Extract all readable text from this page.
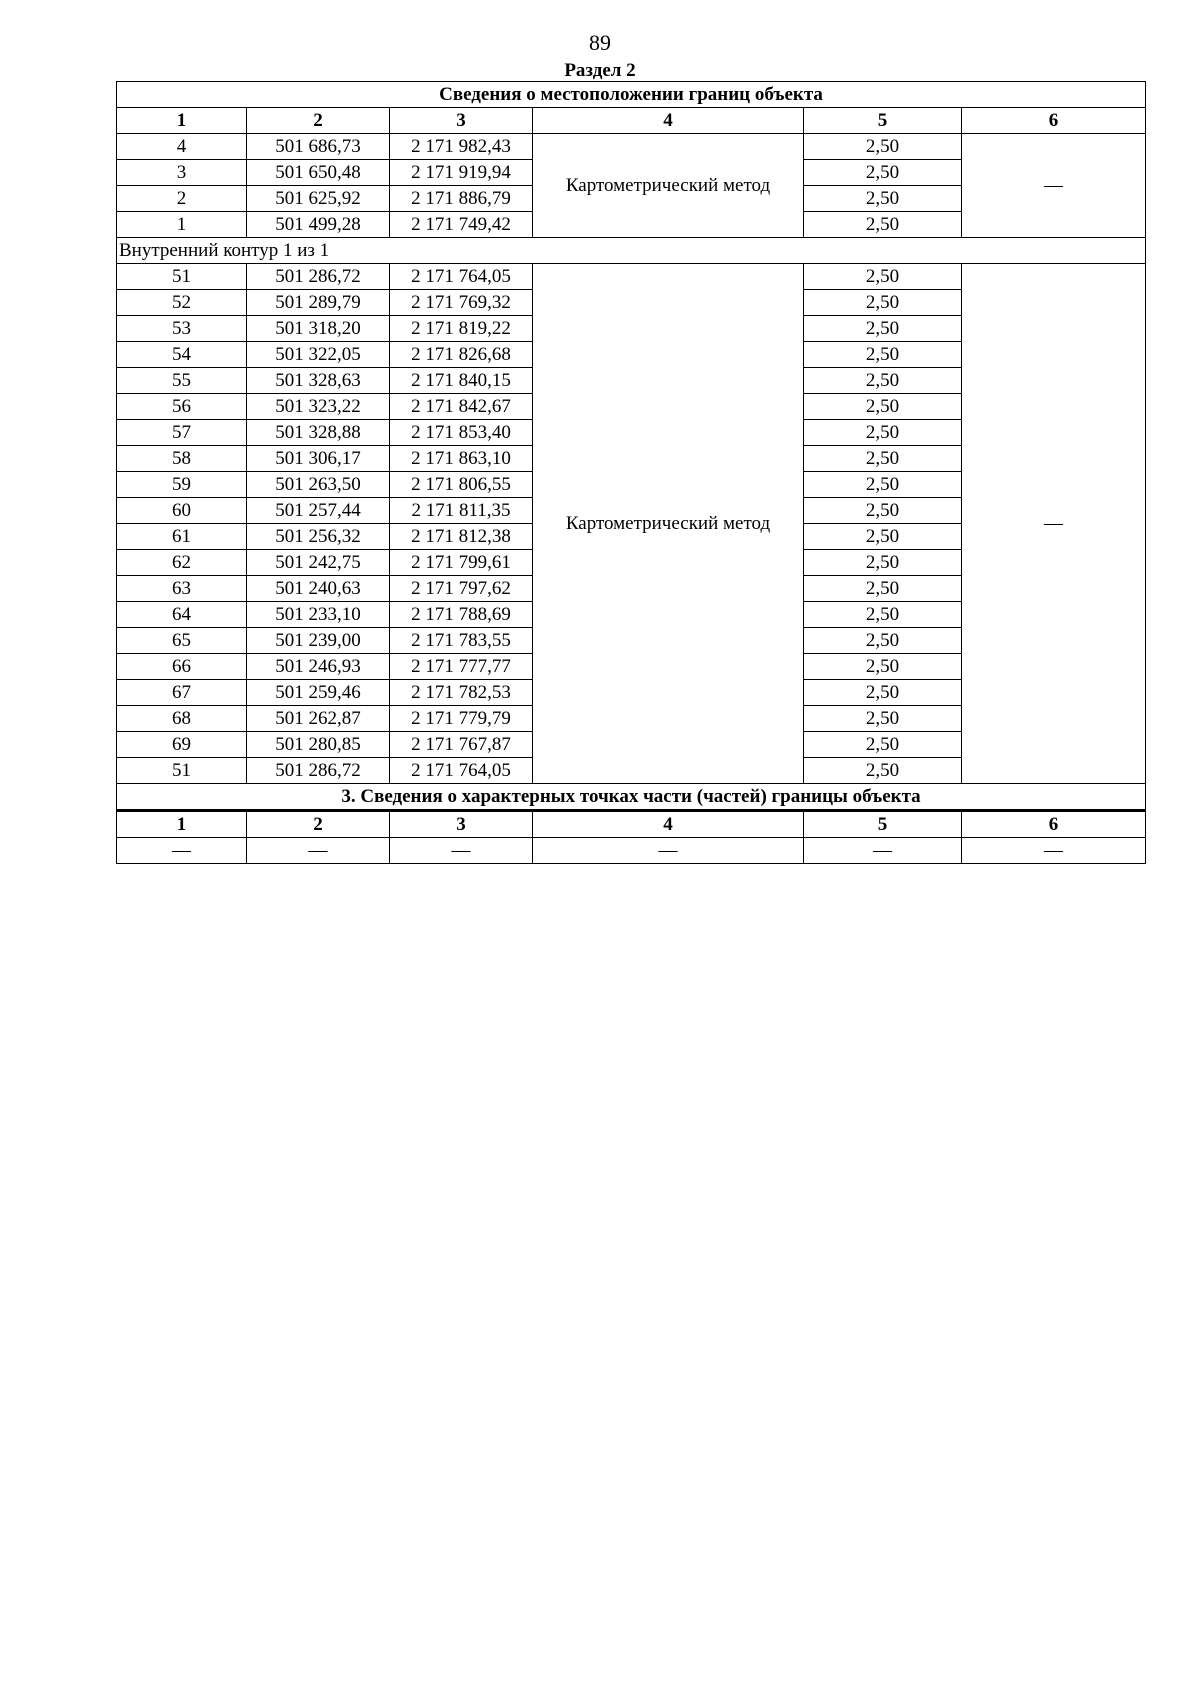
89
Раздел 2
Сведения о местоположении границ объекта					
1	2	3	4	5	6
4	501 686,73	2 171 982,43	Картометрический метод	2,50	—
3	501 650,48	2 171 919,94		2,50	
2	501 625,92	2 171 886,79		2,50	
1	501 499,28	2 171 749,42		2,50	
Внутренний контур 1 из 1					
51	501 286,72	2 171 764,05	Картометрический метод	2,50	—
52	501 289,79	2 171 769,32		2,50	
53	501 318,20	2 171 819,22		2,50	
54	501 322,05	2 171 826,68		2,50	
55	501 328,63	2 171 840,15		2,50	
56	501 323,22	2 171 842,67		2,50	
57	501 328,88	2 171 853,40		2,50	
58	501 306,17	2 171 863,10		2,50	
59	501 263,50	2 171 806,55		2,50	
60	501 257,44	2 171 811,35		2,50	
61	501 256,32	2 171 812,38		2,50	
62	501 242,75	2 171 799,61		2,50	
63	501 240,63	2 171 797,62		2,50	
64	501 233,10	2 171 788,69		2,50	
65	501 239,00	2 171 783,55		2,50	
66	501 246,93	2 171 777,77		2,50	
67	501 259,46	2 171 782,53		2,50	
68	501 262,87	2 171 779,79		2,50	
69	501 280,85	2 171 767,87		2,50	
51	501 286,72	2 171 764,05		2,50	
3. Сведения о характерных точках части (частей) границы объекта					
1	2	3	4	5	6
—	—	—	—	—	—
